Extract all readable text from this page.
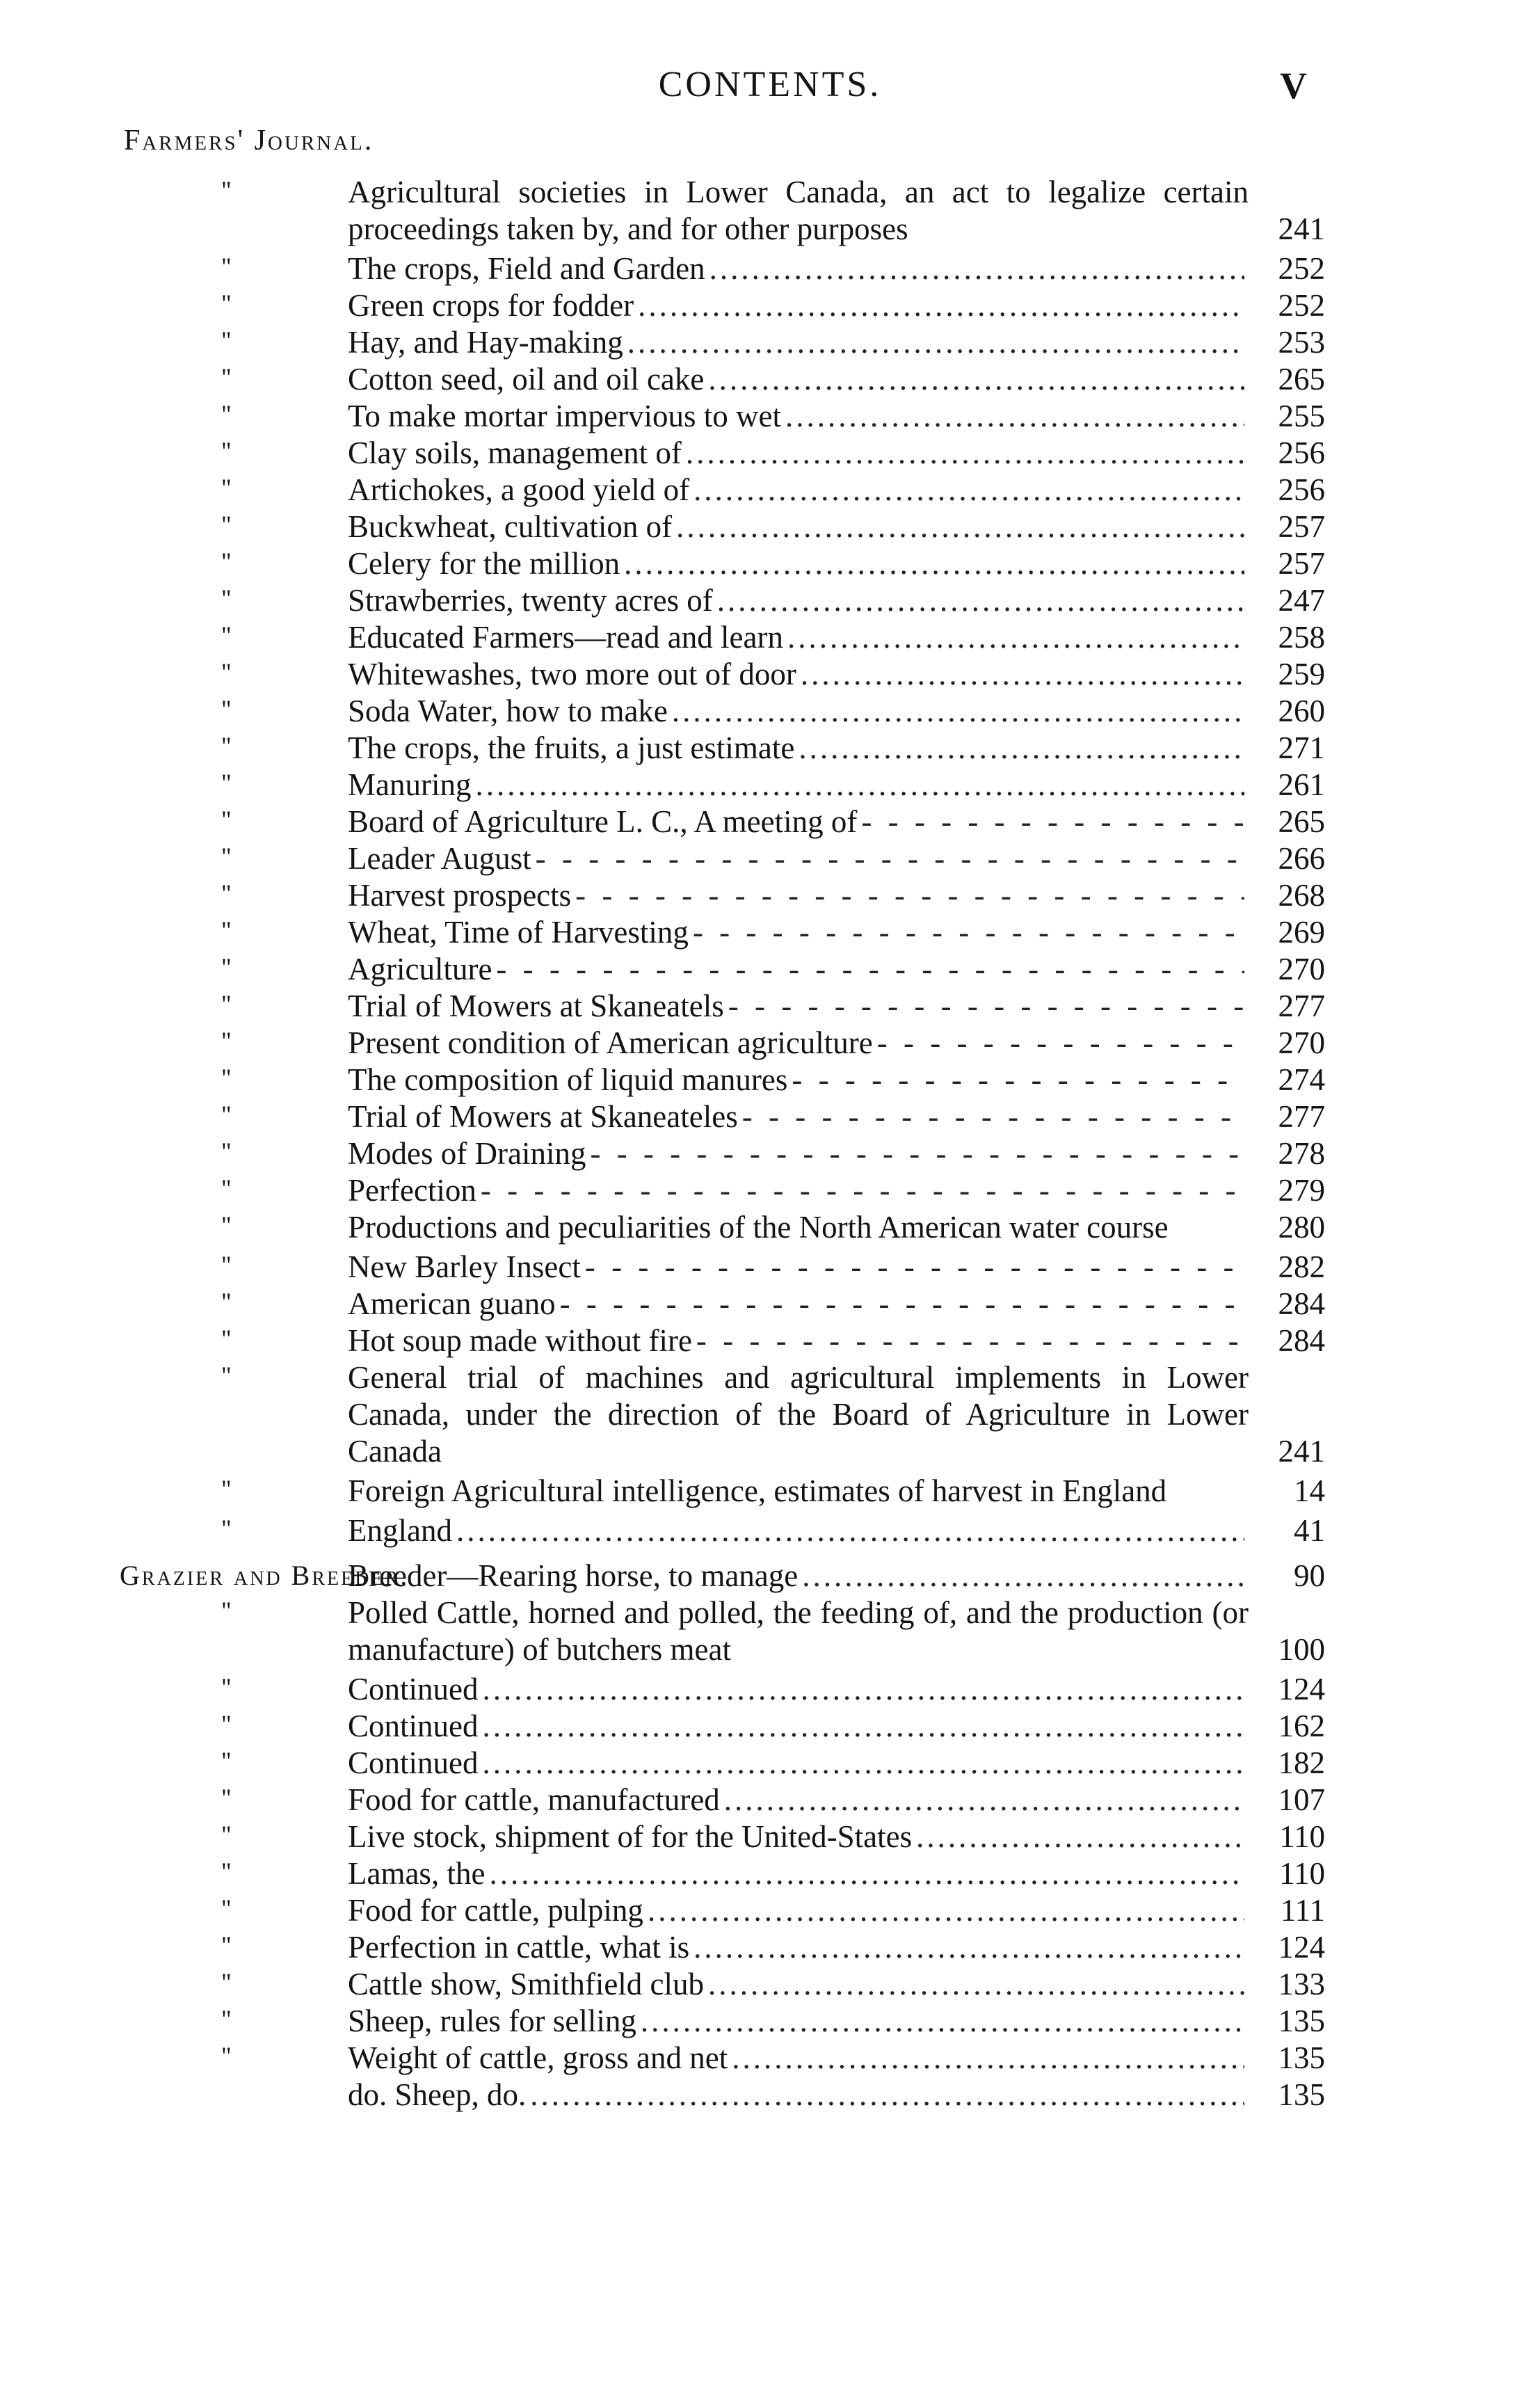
CONTENTS.	V
Farmers' Journal.
"	Agricultural societies in Lower Canada, an act to legalize certain proceedings taken by, and for other purposes	241
"	The crops, Field and Garden .....	252
"	Green crops for fodder .....	252
"	Hay, and Hay-making .....	253
"	Cotton seed, oil and oil cake .....	265
"	To make mortar impervious to wet .....	255
"	Clay soils, management of .....	256
"	Artichokes, a good yield of .....	256
"	Buckwheat, cultivation of .....	257
"	Celery for the million .....	257
"	Strawberries, twenty acres of .....	247
"	Educated Farmers—read and learn .....	258
"	Whitewashes, two more out of door .....	259
"	Soda Water, how to make .....	260
"	The crops, the fruits, a just estimate .....	271
"	Manuring .....	261
"	Board of Agriculture L. C., A meeting of - - -	265
"	Leader August - - -	266
"	Harvest prospects - - -	268
"	Wheat, Time of Harvesting - - -	269
"	Agriculture - - -	270
"	Trial of Mowers at Skaneatels - - -	277
"	Present condition of American agriculture - - -	270
"	The composition of liquid manures - - -	274
"	Trial of Mowers at Skaneateles - - -	277
"	Modes of Draining - - -	278
"	Perfection - - -	279
"	Productions and peculiarities of the North American water course	280
"	New Barley Insect - - -	282
"	American guano - - -	284
"	Hot soup made without fire - - -	284
"	General trial of machines and agricultural implements in Lower Canada, under the direction of the Board of Agriculture in Lower Canada	241
"	Foreign Agricultural intelligence, estimates of harvest in England	14
"	England .....	41
Grazier and Breeder.
Breeder—Rearing horse, to manage .....	90
"	Polled Cattle, horned and polled, the feeding of, and the production (or manufacture) of butchers meat	100
"	Continued .....	124
"	Continued .....	162
"	Continued .....	182
"	Food for cattle, manufactured .....	107
"	Live stock, shipment of for the United-States .....	110
"	Lamas, the .....	110
"	Food for cattle, pulping .....	111
"	Perfection in cattle, what is .....	124
"	Cattle show, Smithfield club .....	133
"	Sheep, rules for selling .....	135
"	Weight of cattle, gross and net .....	135
do. Sheep, do. .....	135
